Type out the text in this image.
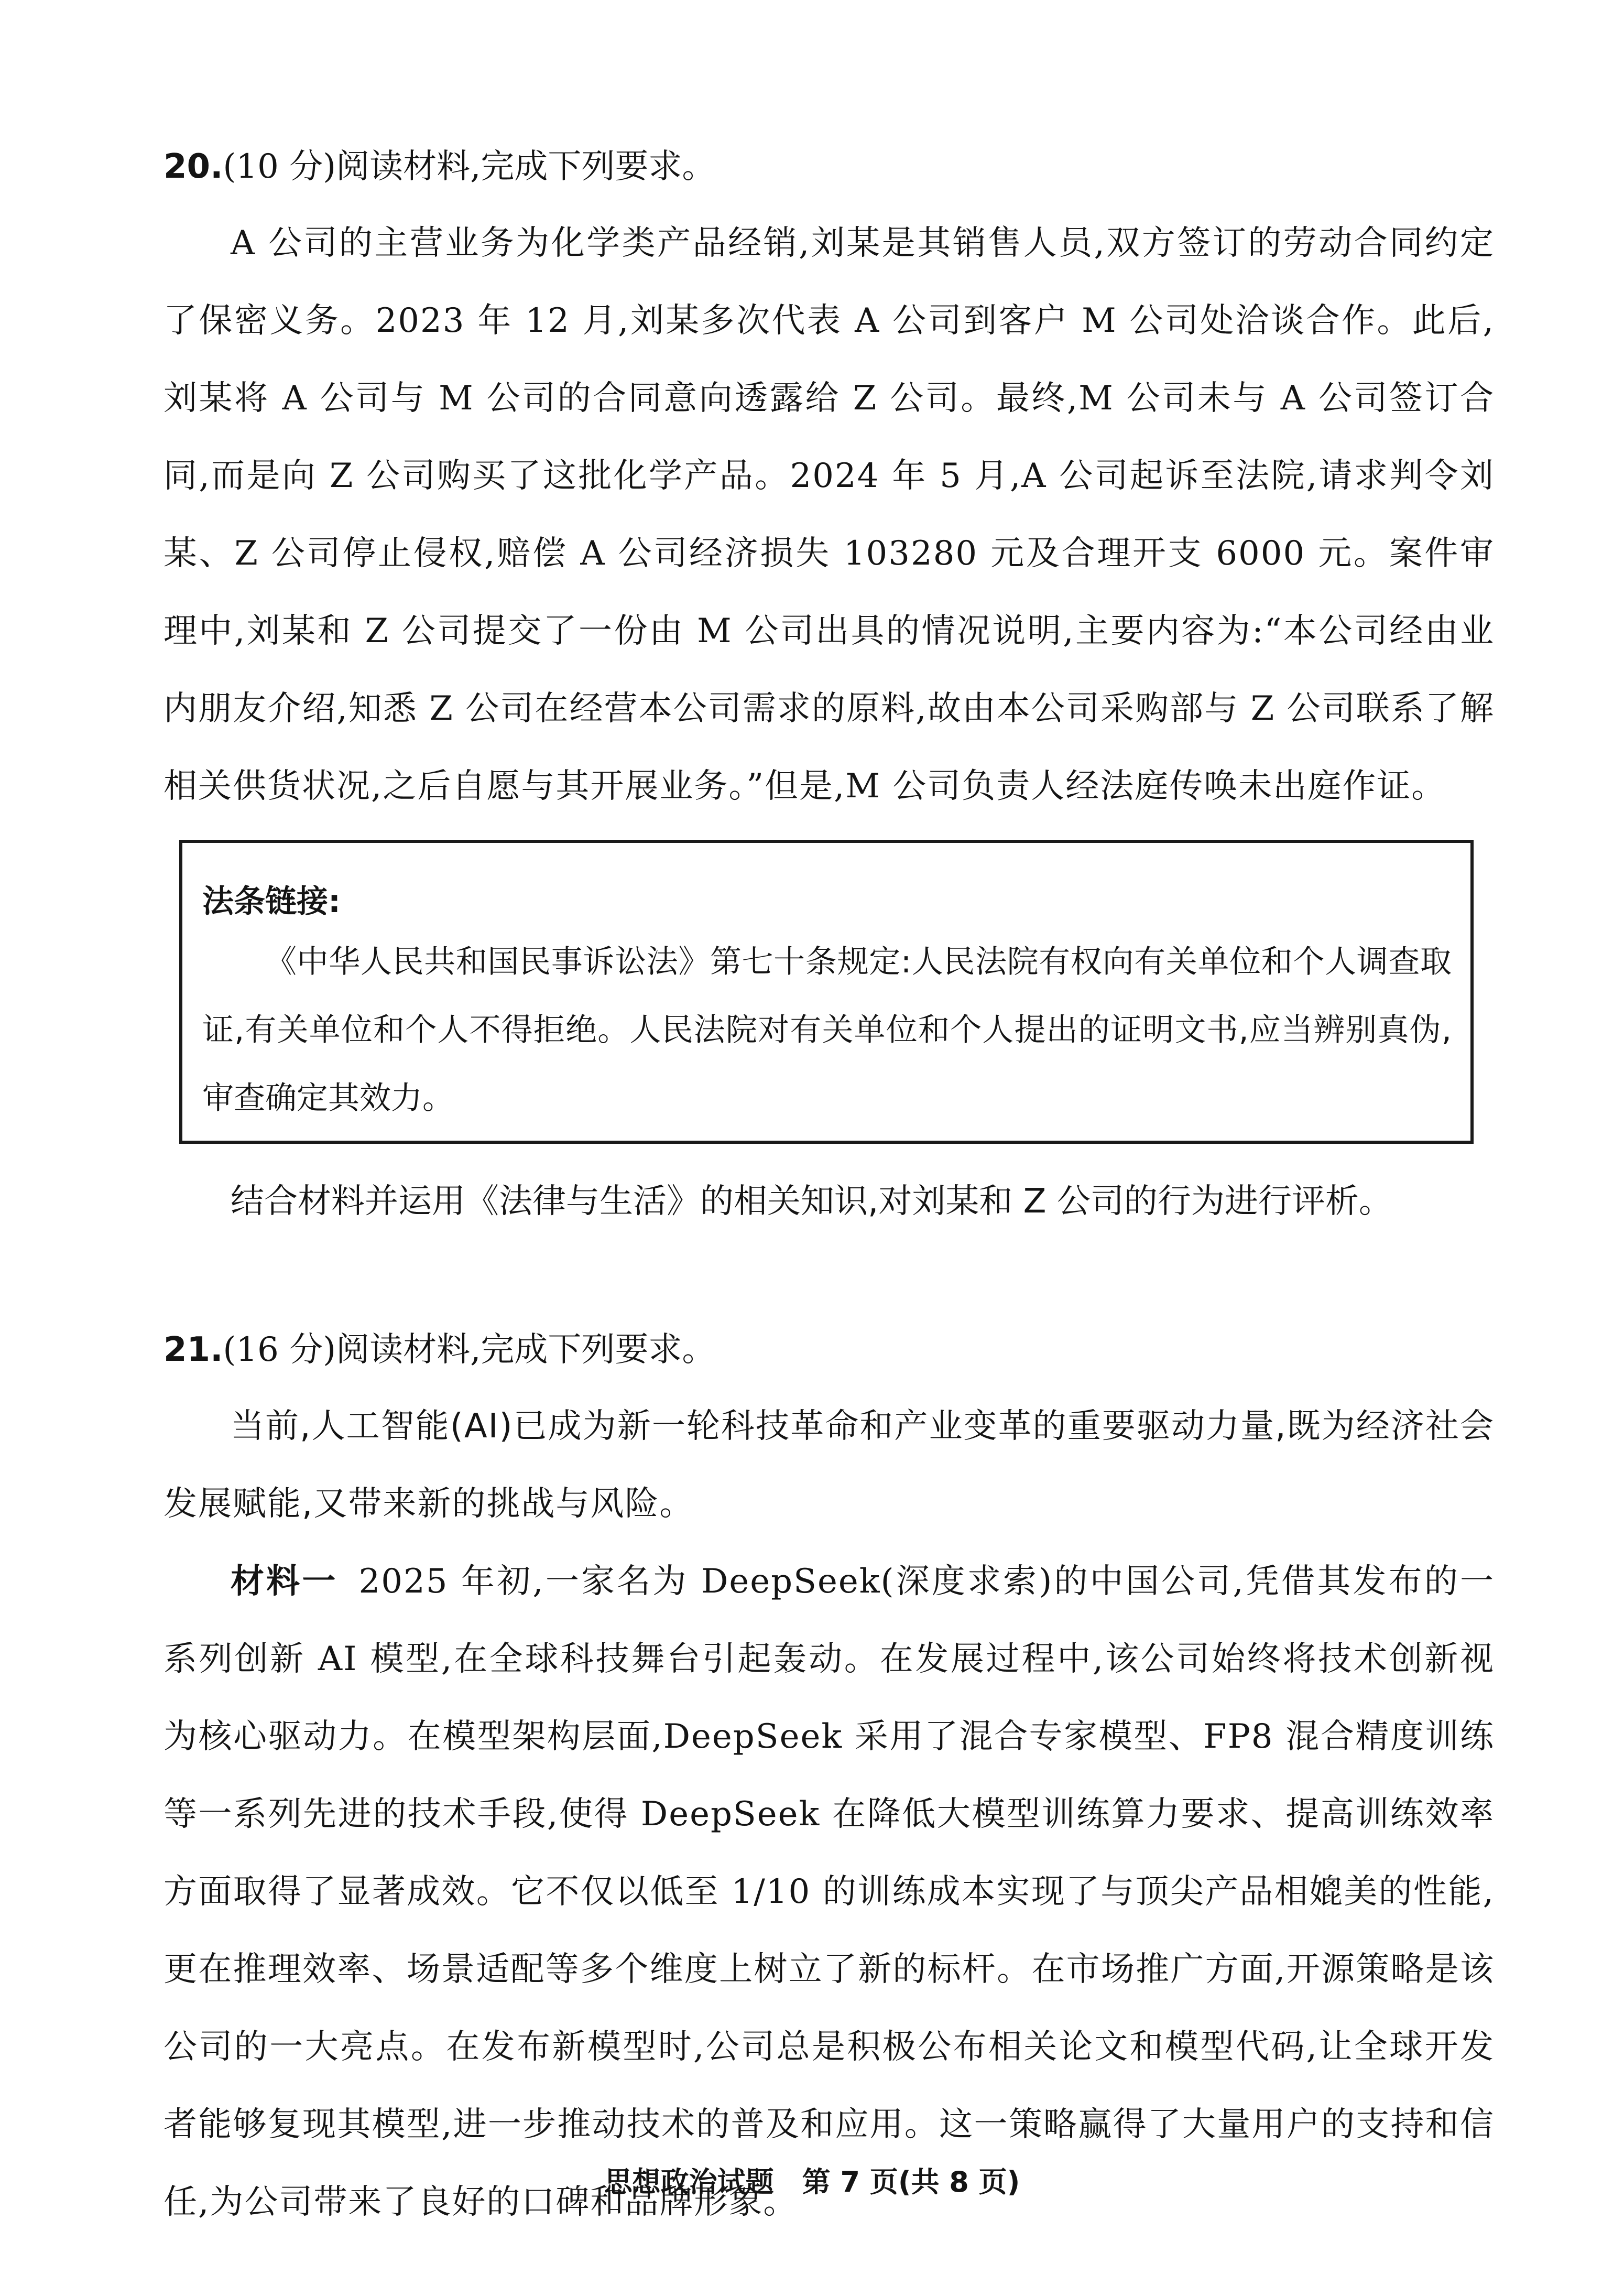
20.(10 分)阅读材料,完成下列要求。

A 公司的主营业务为化学类产品经销,刘某是其销售人员,双方签订的劳动合同约定了保密义务。2023 年 12 月,刘某多次代表 A 公司到客户 M 公司处洽谈合作。此后,刘某将 A 公司与 M 公司的合同意向透露给 Z 公司。最终,M 公司未与 A 公司签订合同,而是向 Z 公司购买了这批化学产品。2024 年 5 月,A 公司起诉至法院,请求判令刘某、Z 公司停止侵权,赔偿 A 公司经济损失 103280 元及合理开支 6000 元。案件审理中,刘某和 Z 公司提交了一份由 M 公司出具的情况说明,主要内容为:“本公司经由业内朋友介绍,知悉 Z 公司在经营本公司需求的原料,故由本公司采购部与 Z 公司联系了解相关供货状况,之后自愿与其开展业务。”但是,M 公司负责人经法庭传唤未出庭作证。

法条链接:

《中华人民共和国民事诉讼法》第七十条规定:人民法院有权向有关单位和个人调查取证,有关单位和个人不得拒绝。人民法院对有关单位和个人提出的证明文书,应当辨别真伪,审查确定其效力。

结合材料并运用《法律与生活》的相关知识,对刘某和 Z 公司的行为进行评析。
21.(16 分)阅读材料,完成下列要求。

当前,人工智能(AI)已成为新一轮科技革命和产业变革的重要驱动力量,既为经济社会发展赋能,又带来新的挑战与风险。

材料一 2025 年初,一家名为 DeepSeek(深度求索)的中国公司,凭借其发布的一系列创新 AI 模型,在全球科技舞台引起轰动。在发展过程中,该公司始终将技术创新视为核心驱动力。在模型架构层面,DeepSeek 采用了混合专家模型、FP8 混合精度训练等一系列先进的技术手段,使得 DeepSeek 在降低大模型训练算力要求、提高训练效率方面取得了显著成效。它不仅以低至 1/10 的训练成本实现了与顶尖产品相媲美的性能,更在推理效率、场景适配等多个维度上树立了新的标杆。在市场推广方面,开源策略是该公司的一大亮点。在发布新模型时,公司总是积极公布相关论文和模型代码,让全球开发者能够复现其模型,进一步推动技术的普及和应用。这一策略赢得了大量用户的支持和信任,为公司带来了良好的口碑和品牌形象。

思想政治试题　第 7 页(共 8 页)
